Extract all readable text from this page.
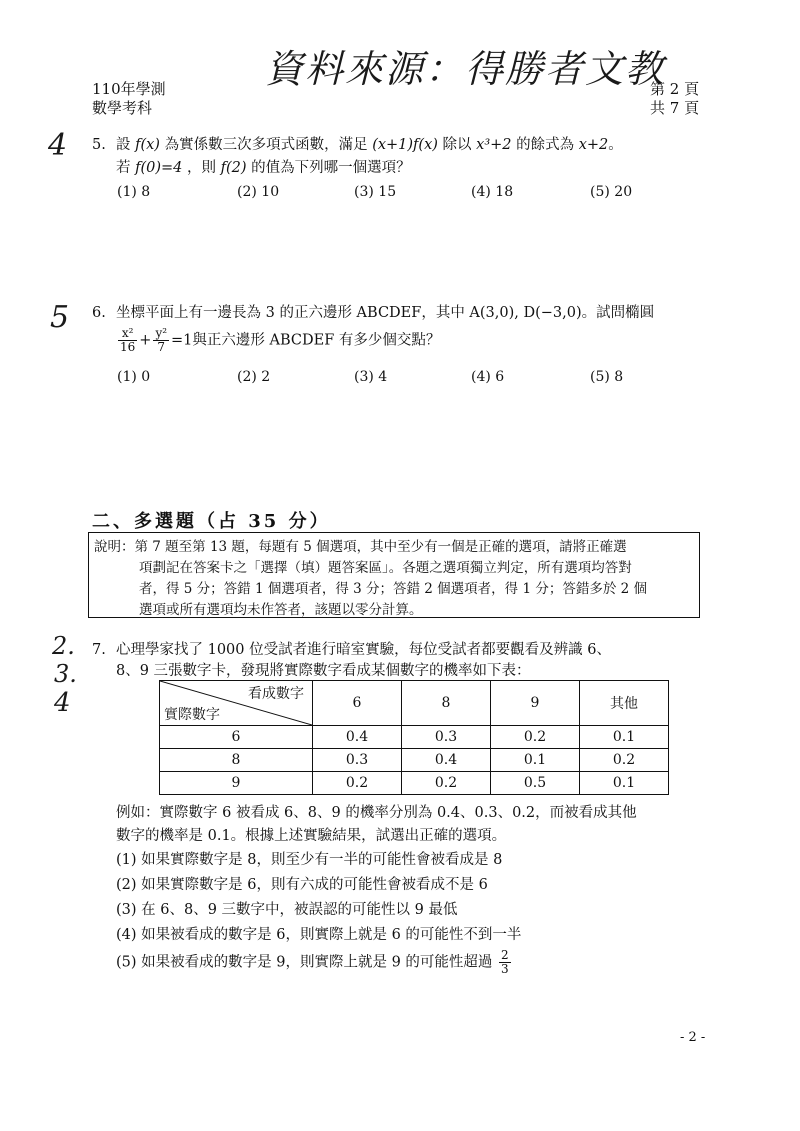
資料來源：得勝者文教
110年學測
數學考科
第 2 頁
共 7 頁
4 5. 設 f(x) 為實係數三次多項式函數，滿足 (x+1)f(x) 除以 x³+2 的餘式為 x+2。
若 f(0)=4 ，則 f(2) 的值為下列哪一個選項？
(1) 8	(2) 10	(3) 15	(4) 18	(5) 20
5 6. 坐標平面上有一邊長為 3 的正六邊形 ABCDEF，其中 A(3,0), D(−3,0)。試問橢圓
$\frac{\text{x²}}{16} + \frac{\text{y²}}{7} =1$與正六邊形 ABCDEF 有多少個交點？
(1) 0	(2) 2	(3) 4	(4) 6	(5) 8
二、多選題（占 35 分）
說明：第 7 題至第 13 題，每題有 5 個選項，其中至少有一個是正確的選項，請將正確選
項劃記在答案卡之「選擇（填）題答案區」。各題之選項獨立判定，所有選項均答對
者，得 5 分；答錯 1 個選項者，得 3 分；答錯 2 個選項者，得 1 分；答錯多於 2 個
選項或所有選項均未作答者，該題以零分計算。
2.
3.
4
7. 心理學家找了 1000 位受試者進行暗室實驗，每位受試者都要觀看及辨識 6、
8、9 三張數字卡，發現將實際數字看成某個數字的機率如下表：
看成數字
實際數字	6	8	9	其他
6	0.4	0.3	0.2	0.1
8	0.3	0.4	0.1	0.2
9	0.2	0.2	0.5	0.1
例如：實際數字 6 被看成 6、8、9 的機率分別為 0.4、0.3、0.2，而被看成其他
數字的機率是 0.1。根據上述實驗結果，試選出正確的選項。
(1) 如果實際數字是 8，則至少有一半的可能性會被看成是 8
(2) 如果實際數字是 6，則有六成的可能性會被看成不是 6
(3) 在 6、8、9 三數字中，被誤認的可能性以 9 最低
(4) 如果被看成的數字是 6，則實際上就是 6 的可能性不到一半
(5) 如果被看成的數字是 9，則實際上就是 9 的可能性超過 $\frac{2}{3}$
- 2 -
